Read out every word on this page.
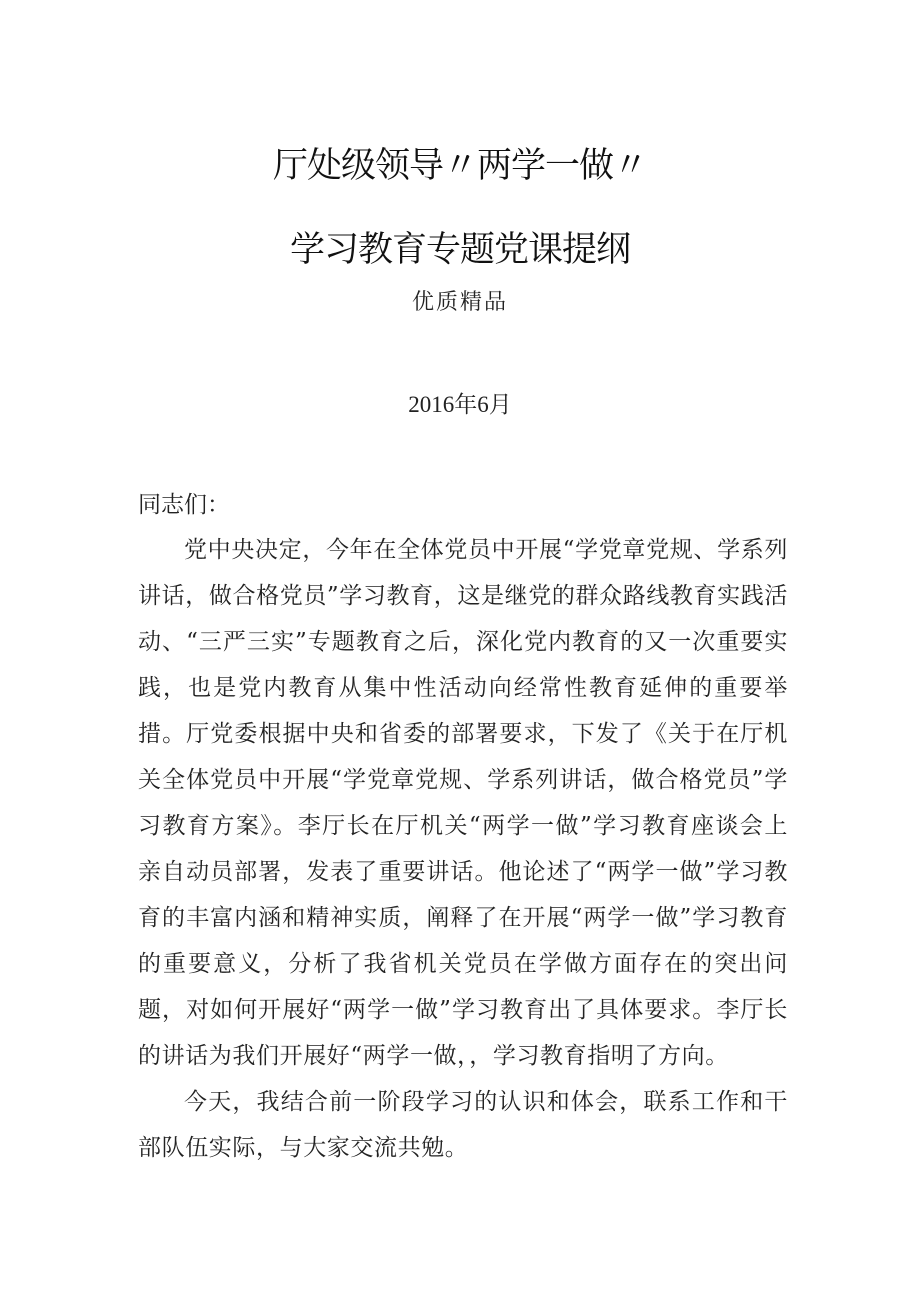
厅处级领导〃两学一做〃
学习教育专题党课提纲
优质精品
2016年6月
同志们：

党中央决定，今年在全体党员中开展“学党章党规、学系列讲话，做合格党员”学习教育，这是继党的群众路线教育实践活动、“三严三实”专题教育之后，深化党内教育的又一次重要实践，也是党内教育从集中性活动向经常性教育延伸的重要举措。厅党委根据中央和省委的部署要求，下发了《关于在厅机关全体党员中开展“学党章党规、学系列讲话，做合格党员”学习教育方案》。李厅长在厅机关“两学一做”学习教育座谈会上亲自动员部署，发表了重要讲话。他论述了“两学一做”学习教育的丰富内涵和精神实质，阐释了在开展“两学一做”学习教育的重要意义，分析了我省机关党员在学做方面存在的突出问题，对如何开展好“两学一做”学习教育出了具体要求。李厅长的讲话为我们开展好“两学一做，，学习教育指明了方向。

今天，我结合前一阶段学习的认识和体会，联系工作和干部队伍实际，与大家交流共勉。
